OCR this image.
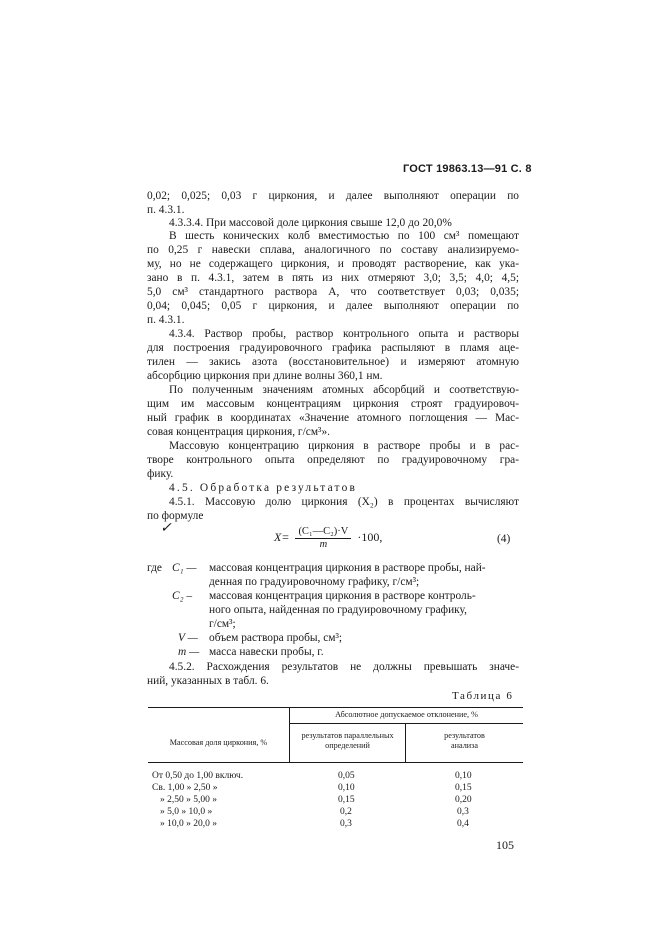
ГОСТ 19863.13—91 С. 8
0,02; 0,025; 0,03 г циркония, и далее выполняют операции по
п. 4.3.1.
4.3.3.4. При массовой доле циркония свыше 12,0 до 20,0%
В шесть конических колб вместимостью по 100 см³ помещают
по 0,25 г навески сплава, аналогичного по составу анализируемо-
му, но не содержащего циркония, и проводят растворение, как ука-
зано в п. 4.3.1, затем в пять из них отмеряют 3,0; 3,5; 4,0; 4,5;
5,0 см³ стандартного раствора А, что соответствует 0,03; 0,035;
0,04; 0,045; 0,05 г циркония, и далее выполняют операции по
п. 4.3.1.
4.3.4. Раствор пробы, раствор контрольного опыта и растворы
для построения градуировочного графика распыляют в пламя аце-
тилен — закись азота (восстановительное) и измеряют атомную
абсорбцию циркония при длине волны 360,1 нм.
По полученным значениям атомных абсорбций и соответствую-
щим им массовым концентрациям циркония строят градуировоч-
ный график в координатах «Значение атомного поглощения — Мас-
совая концентрация циркония, г/см³».
Массовую концентрацию циркония в растворе пробы и в рас-
творе контрольного опыта определяют по градуировочному гра-
фику.
4.5. Обработка результатов
4.5.1. Массовую долю циркония (X₂) в процентах вычисляют
по формуле
✓
$X= \frac{\text{(C₁—C₂)·V}}{m} \cdot 100$,	(4)
где C₁ — массовая концентрация циркония в растворе пробы, най-
денная по градуировочному графику, г/см³;
C₂ – массовая концентрация циркония в растворе контроль-
ного опыта, найденная по градуировочному графику,
г/см³;
V — объем раствора пробы, см³;
m — масса навески пробы, г.
4.5.2. Расхождения результатов не должны превышать значе-
ний, указанных в табл. 6.
Таблица 6
Абсолютное допускаемое отклонение, %
Массовая доля циркония, %
результатов параллельных
определений
результатов
анализа
От 0,50 до 1,00 включ.	0,05	0,10
Св. 1,00 » 2,50 »	0,10	0,15
» 2,50 » 5,00 »	0,15	0,20
» 5,0 » 10,0 »	0,2	0,3
» 10,0 » 20,0 »	0,3	0,4
105
